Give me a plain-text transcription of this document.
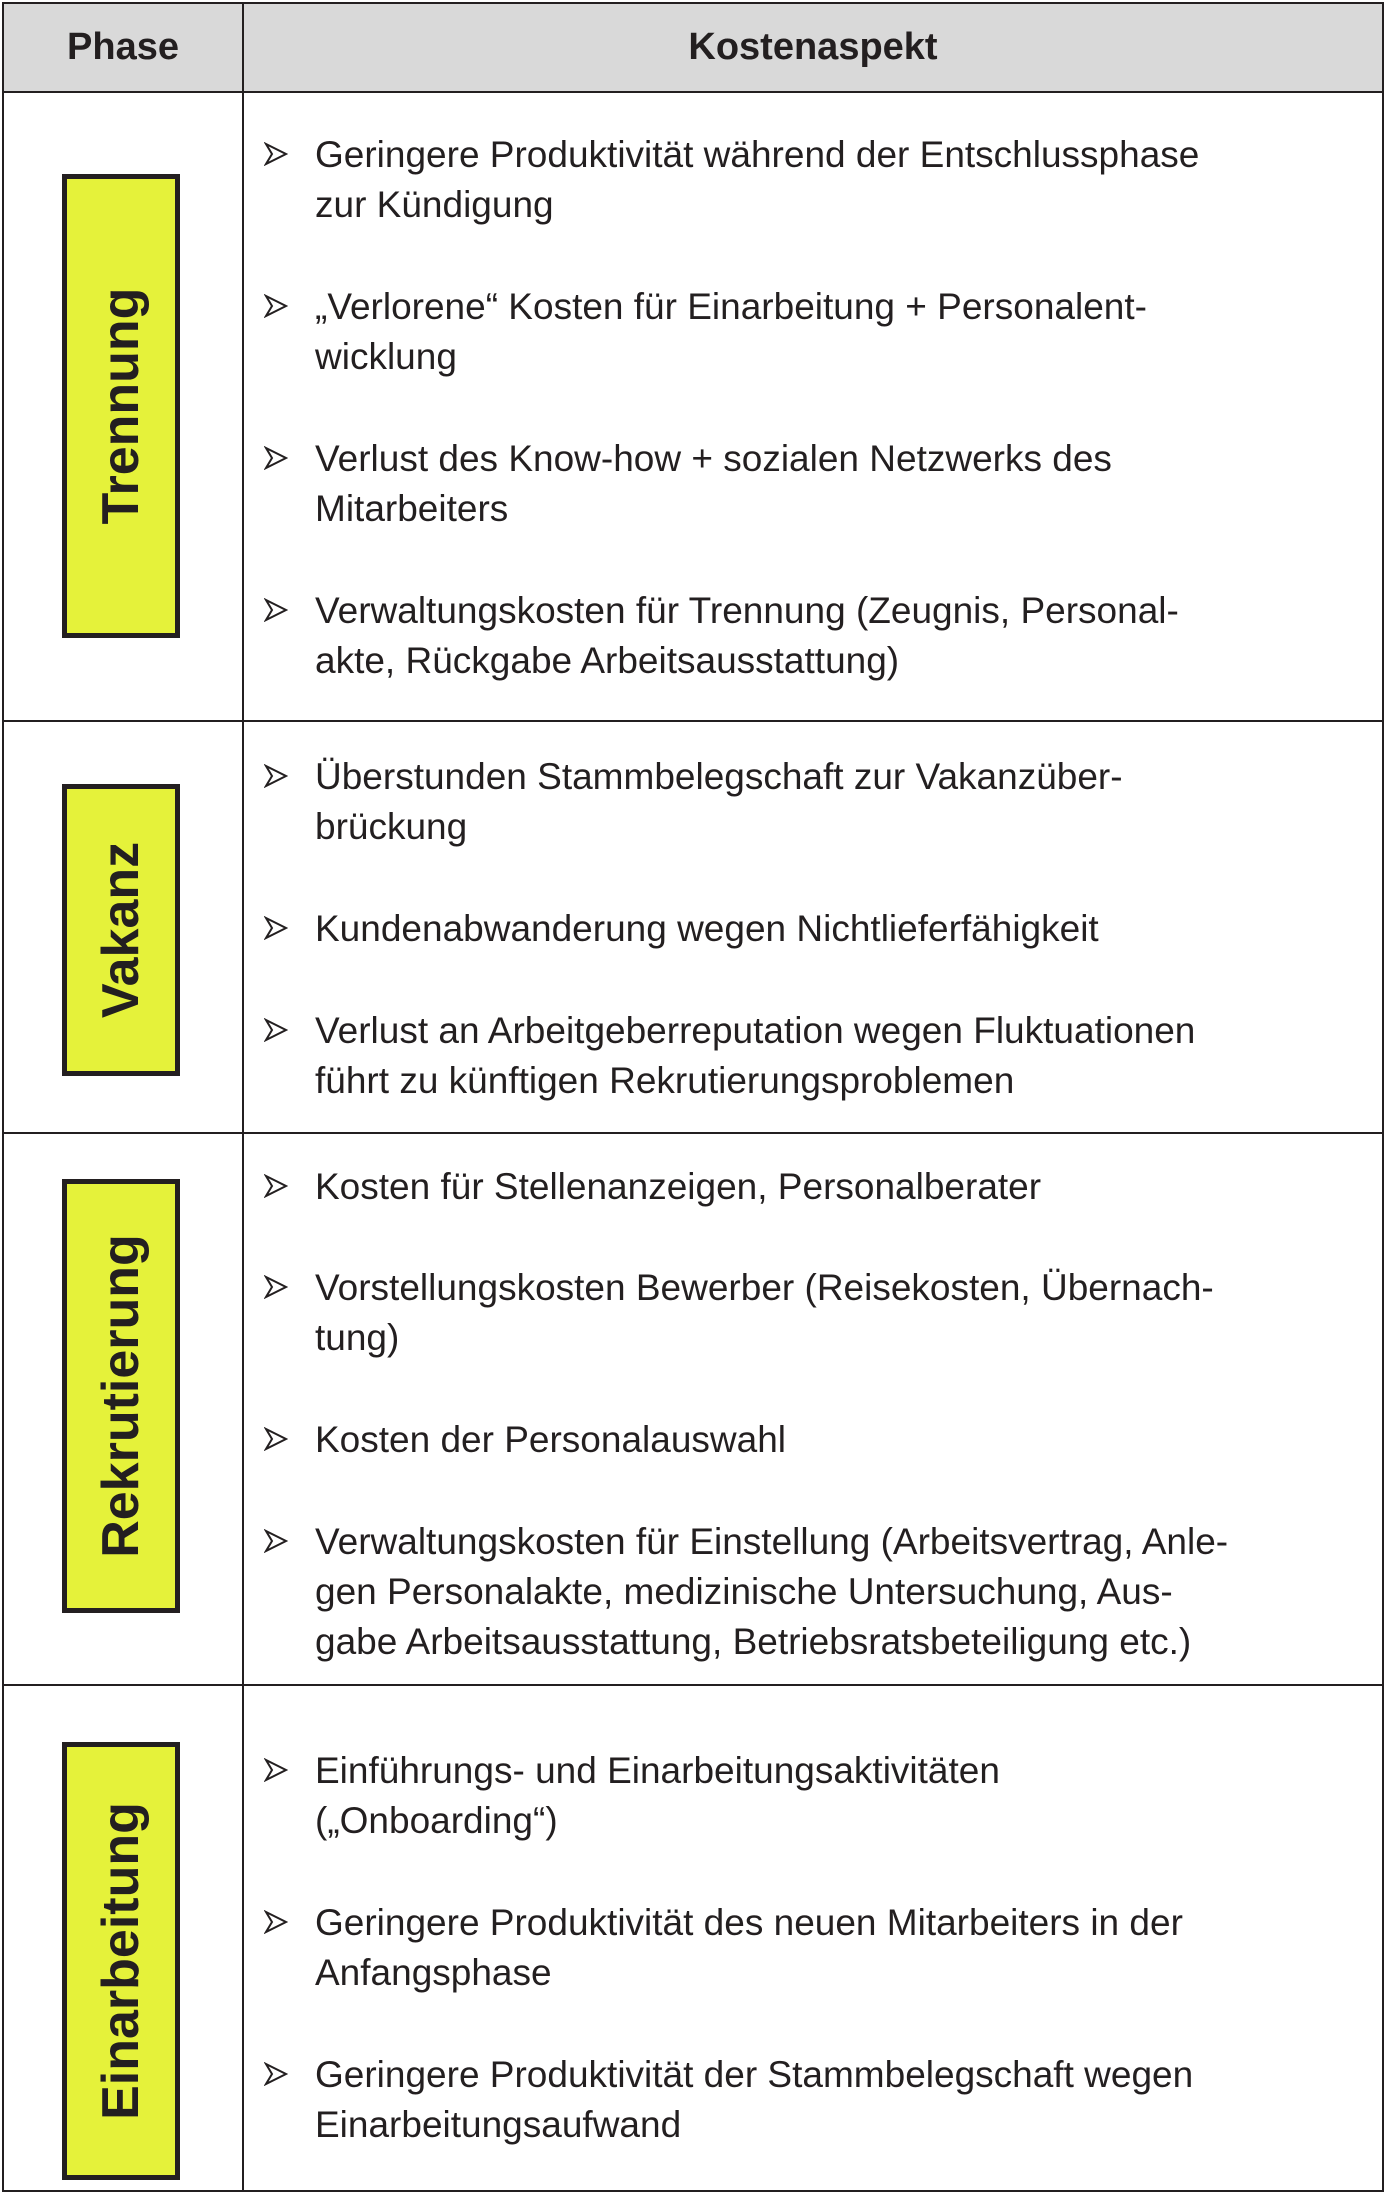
Phase	Kostenaspekt
Trennung
Geringere Produktivität während der Entschlussphase
zur Kündigung
„Verlorene“ Kosten für Einarbeitung + Personalent-
wicklung
Verlust des Know-how + sozialen Netzwerks des
Mitarbeiters
Verwaltungskosten für Trennung (Zeugnis, Personal-
akte, Rückgabe Arbeitsausstattung)
Vakanz
Überstunden Stammbelegschaft zur Vakanzüber-
brückung
Kundenabwanderung wegen Nichtlieferfähigkeit
Verlust an Arbeitgeberreputation wegen Fluktuationen
führt zu künftigen Rekrutierungsproblemen
Rekrutierung
Kosten für Stellenanzeigen, Personalberater
Vorstellungskosten Bewerber (Reisekosten, Übernach-
tung)
Kosten der Personalauswahl
Verwaltungskosten für Einstellung (Arbeitsvertrag, Anle-
gen Personalakte, medizinische Untersuchung, Aus-
gabe Arbeitsausstattung, Betriebsratsbeteiligung etc.)
Einarbeitung
Einführungs- und Einarbeitungsaktivitäten
(„Onboarding“)
Geringere Produktivität des neuen Mitarbeiters in der
Anfangsphase
Geringere Produktivität der Stammbelegschaft wegen
Einarbeitungsaufwand
